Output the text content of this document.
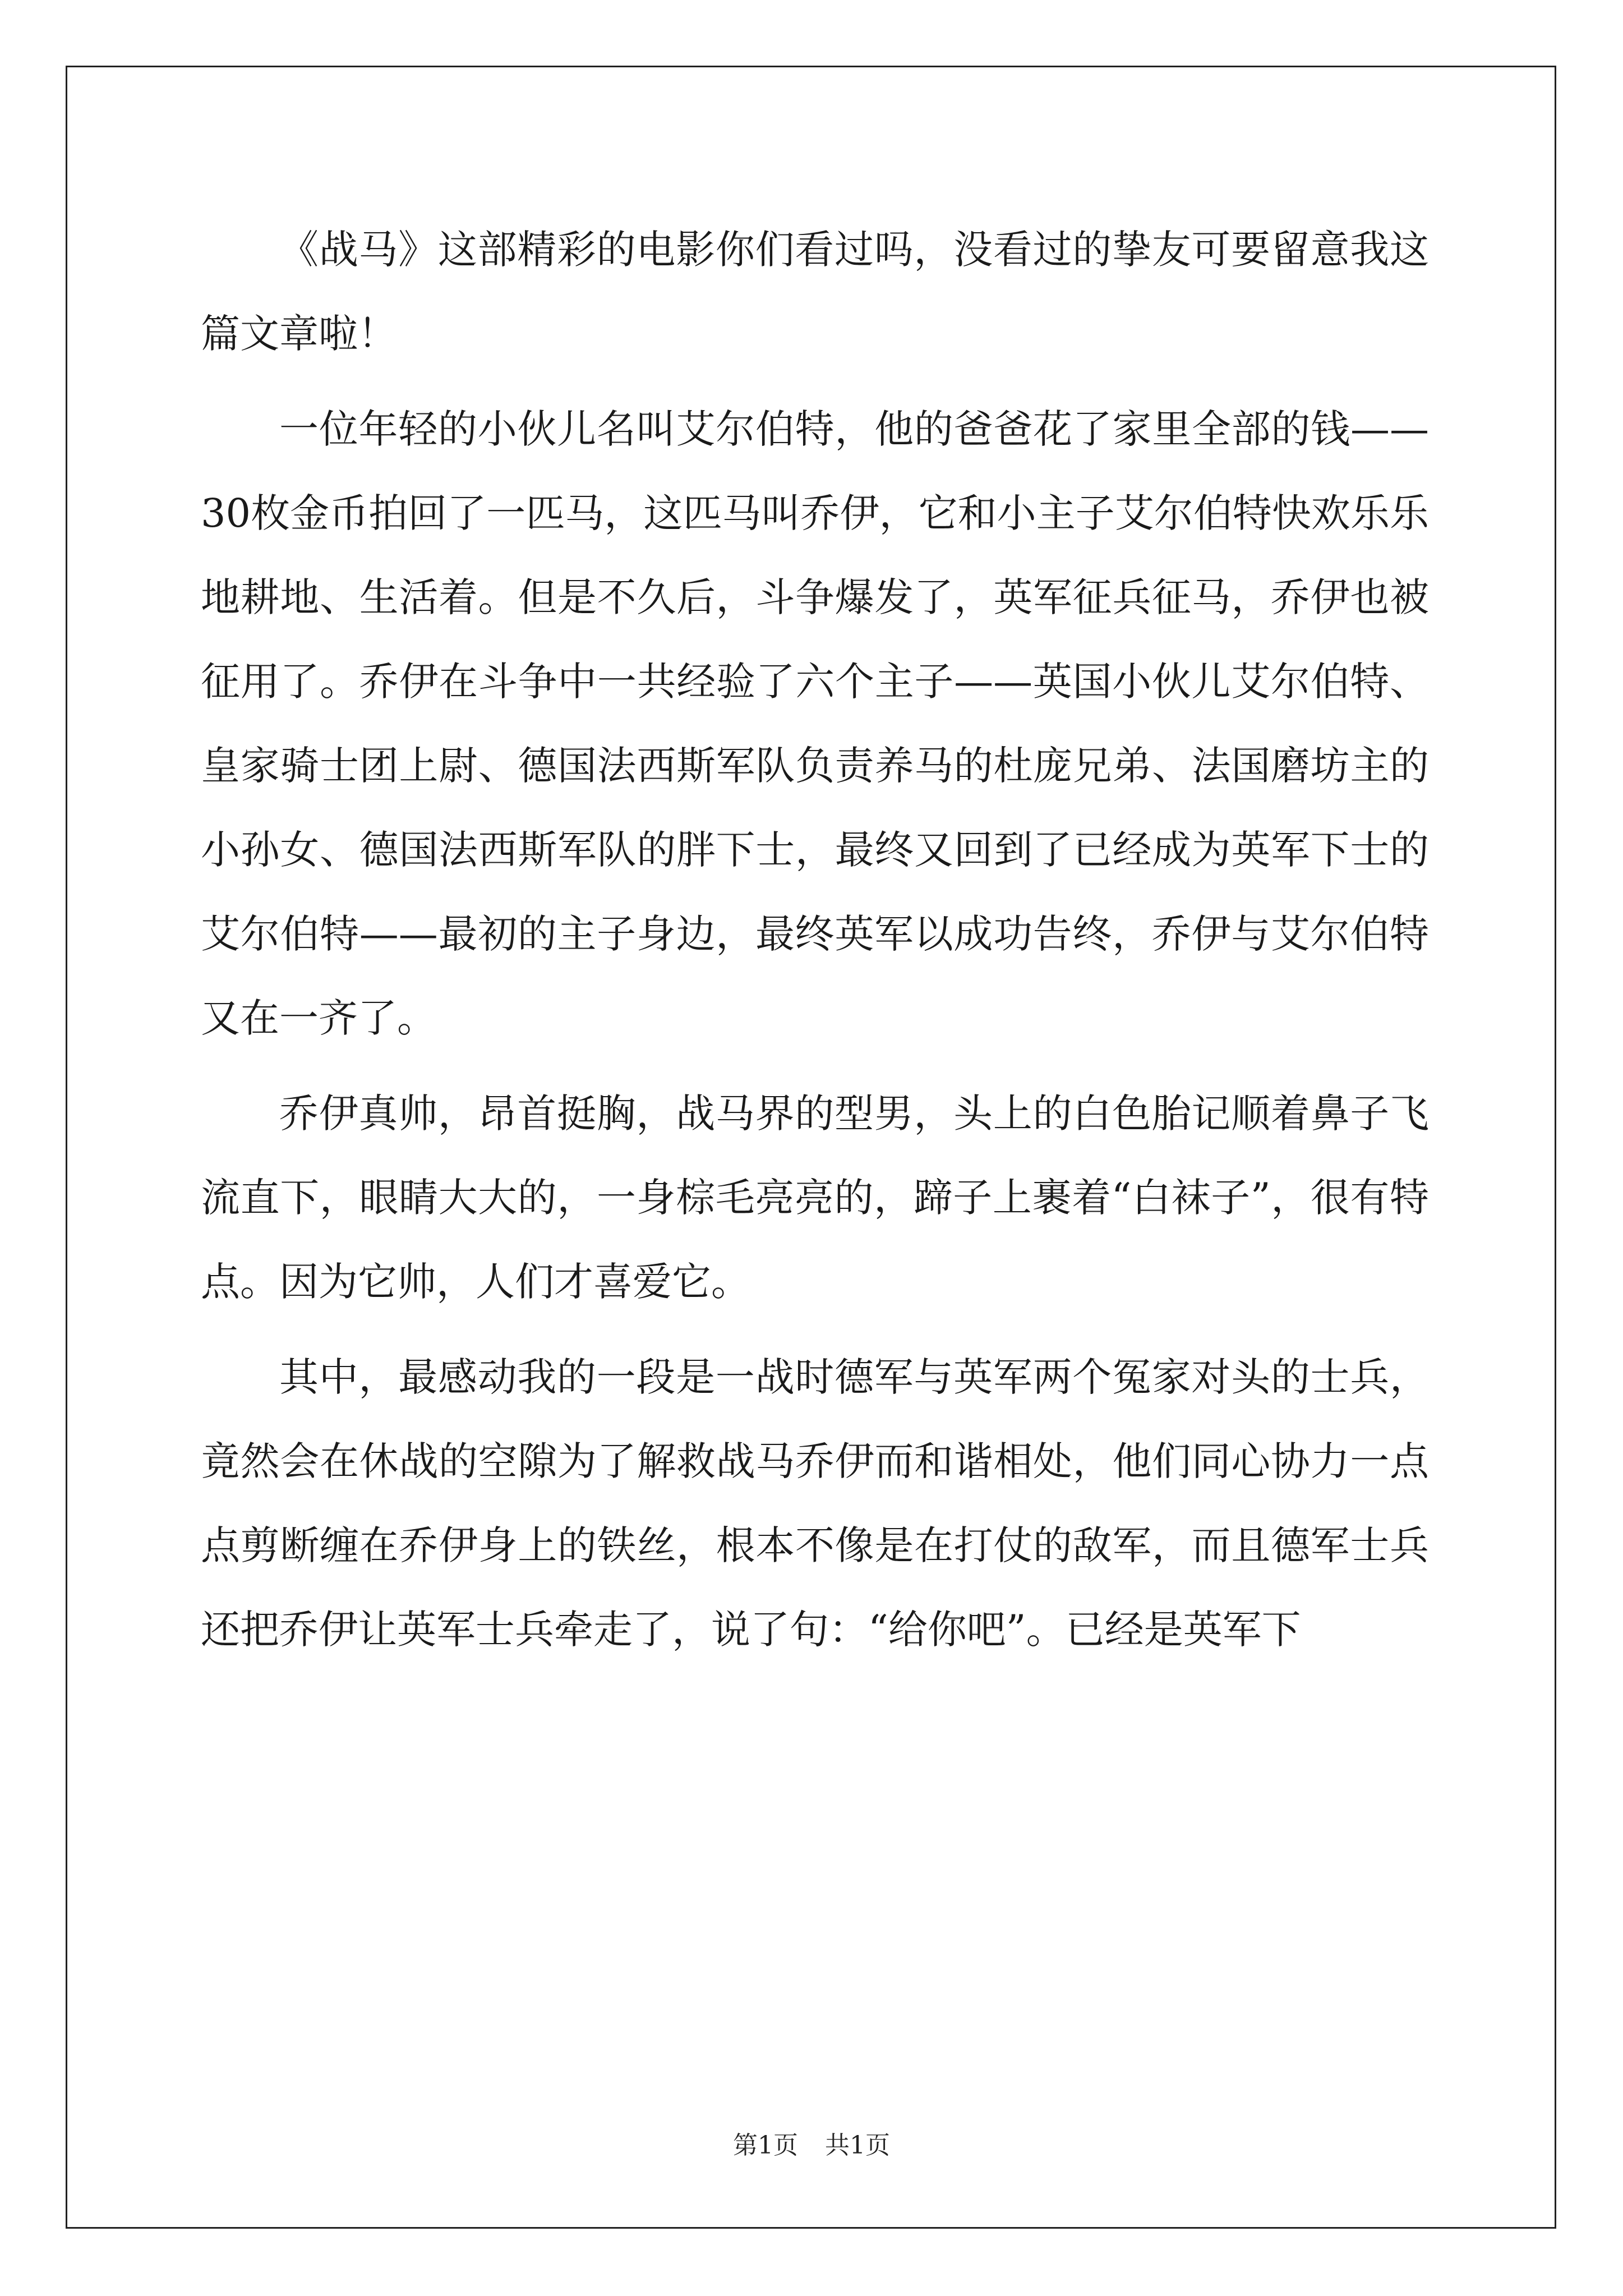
《战马》这部精彩的电影你们看过吗，没看过的挚友可要留意我这篇文章啦！

一位年轻的小伙儿名叫艾尔伯特，他的爸爸花了家里全部的钱——30枚金币拍回了一匹马，这匹马叫乔伊，它和小主子艾尔伯特快欢乐乐地耕地、生活着。但是不久后，斗争爆发了，英军征兵征马，乔伊也被征用了。乔伊在斗争中一共经验了六个主子——英国小伙儿艾尔伯特、皇家骑士团上尉、德国法西斯军队负责养马的杜庞兄弟、法国磨坊主的小孙女、德国法西斯军队的胖下士，最终又回到了已经成为英军下士的艾尔伯特——最初的主子身边，最终英军以成功告终，乔伊与艾尔伯特又在一齐了。

乔伊真帅，昂首挺胸，战马界的型男，头上的白色胎记顺着鼻子飞流直下，眼睛大大的，一身棕毛亮亮的，蹄子上裹着“白袜子”，很有特点。因为它帅，人们才喜爱它。

其中，最感动我的一段是一战时德军与英军两个冤家对头的士兵，竟然会在休战的空隙为了解救战马乔伊而和谐相处，他们同心协力一点点剪断缠在乔伊身上的铁丝，根本不像是在打仗的敌军，而且德军士兵还把乔伊让英军士兵牵走了，说了句：“给你吧”。已经是英军下

第1页 共1页
